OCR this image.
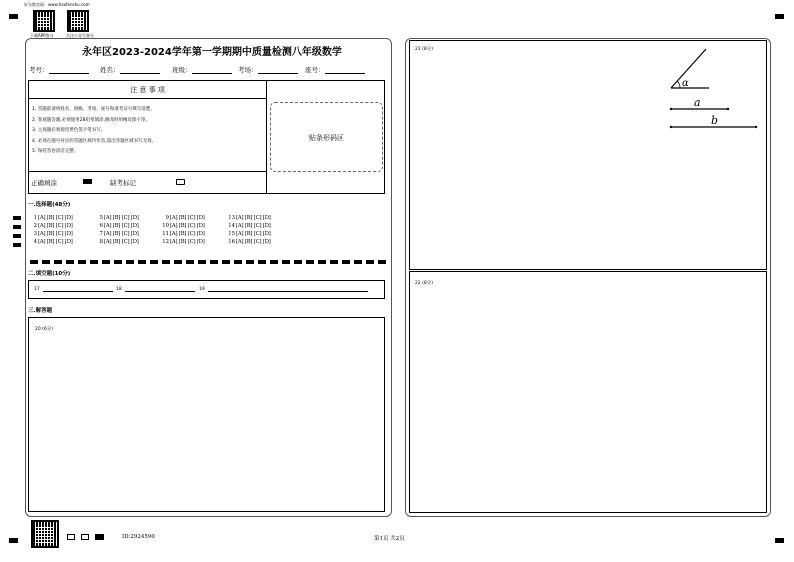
好分数官网：www.haofenshu.com
下载APP查分	关注公众号查分
永年区2023-2024学年第一学期期中质量检测八年级数学
考号：	姓名：	班级：	考场：	座号：
注 意 事 项
1. 答题前请将姓名、班级、考场、座号和准考证号填写清楚。
2. 客观题答题,必须使用2B铅笔填涂,修改时用橡皮擦干净。
3. 主观题必须使用黑色签字笔书写。
4. 必须在题号对应的答题区域内作答,超出答题区域书写无效。
5. 保持答卷清洁完整。
正确填涂	缺考标记
贴条形码区
一.选择题(48分)
1 [A] [B] [C] [D]	5 [A] [B] [C] [D]	9 [A] [B] [C] [D]	13 [A] [B] [C] [D]
2 [A] [B] [C] [D]	6 [A] [B] [C] [D]	10 [A] [B] [C] [D]	14 [A] [B] [C] [D]
3 [A] [B] [C] [D]	7 [A] [B] [C] [D]	11 [A] [B] [C] [D]	15 [A] [B] [C] [D]
4 [A] [B] [C] [D]	8 [A] [B] [C] [D]	12 [A] [B] [C] [D]	16 [A] [B] [C] [D]
二.填空题(10分)
17	18	19
三.解答题
20 (6分)
21 (8分)
α
a
b
22 (8分)
ID:2924590	第1页 共2页
